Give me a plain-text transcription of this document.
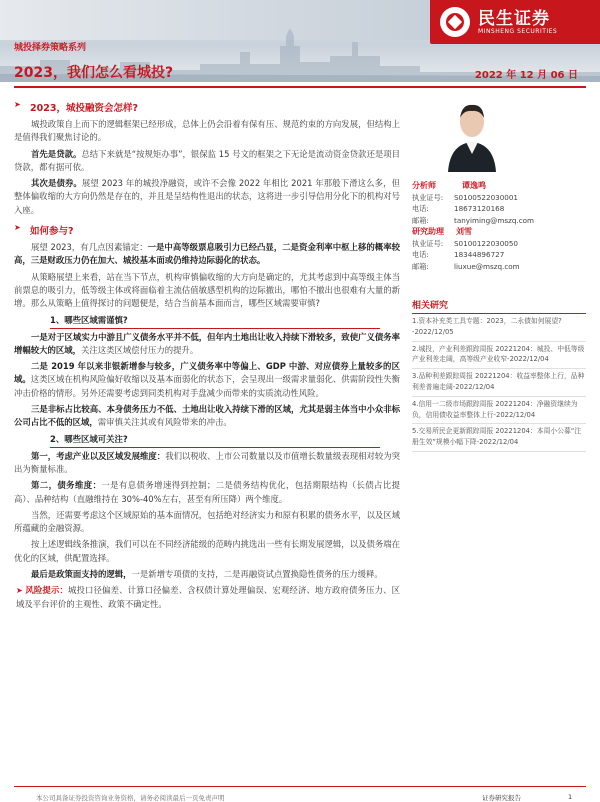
城投择券策略系列
民生证券
MINSHENG SECURITIES
2023，我们怎么看城投?	2022 年 12 月 06 日
➤ 2023，城投融资会怎样?
城投政策自上而下的逻辑框架已经形成，总体上仍会沿着有保有压、规范约束的方向发展，但结构上是值得我们聚焦讨论的。
首先是贷款。总结下来就是“按规矩办事”，银保监 15 号文的框架之下无论是流动资金贷款还是项目贷款，都有据可依。
其次是债券。展望 2023 年的城投净融资，或许不会像 2022 年相比 2021 年那般下滑这么多，但整体偏收缩的大方向仍然是存在的，并且是呈结构性退出的状态，这将进一步引导信用分化下的机构对号入座。
➤ 如何参与?
展望 2023，有几点因素锚定：一是中高等级票息吸引力已经凸显，二是资金利率中枢上移的概率较高，三是财政压力仍在加大、城投基本面或仍维持边际弱化的状态。
从策略展望上来看，站在当下节点，机构审慎偏收缩的大方向是确定的，尤其考虑到中高等级主体当前票息的吸引力，低等级主体或将面临着主流估值敏感型机构的边际撤出，哪怕不撤出也很难有大量的新增。那么从策略上值得探讨的问题便是，结合当前基本面而言，哪些区域需要审慎?
1、哪些区域需谨慎?
一是对于区域实力中游且广义债务水平并不低，但年内土地出让收入持续下滑较多，致使广义债务率增幅较大的区域，关注这类区域偿付压力的提升。
二是 2019 年以来非银新增参与较多，广义债务率中等偏上、GDP 中游、对应债券上量较多的区域。这类区域在机构风险偏好收缩以及基本面弱化的状态下，会呈现出一级需求量弱化、供需阶段性失衡冲击价格的情形。另外还需要考虑到同类机构对手盘减少而带来的实质流动性风险。
三是非标占比较高、本身债务压力不低、土地出让收入持续下滑的区域，尤其是弱主体当中小众非标公司占比不低的区域，需审慎关注其或有风险带来的冲击。
2、哪些区域可关注?
第一，考虑产业以及区域发展维度：我们以税收、上市公司数量以及市值增长数量级表现相对较为突出为衡量标准。
第二，债务维度：一是有息债务增速得到控制；二是债务结构优化，包括期限结构（长债占比提高）、品种结构（直融维持在 30%-40%左右，甚至有所压降）两个维度。
当然，还需要考虑这个区域原始的基本面情况，包括绝对经济实力和原有积累的债务水平，以及区域所蕴藏的金融资源。
按上述逻辑线条推演，我们可以在不同经济能级的范畴内挑选出一些有长期发展逻辑，以及债务端在优化的区域，供配置选择。
最后是政策面支持的逻辑，一是新增专项债的支持，二是再融资试点置换隐性债务的压力缓释。
➤ 风险提示：城投口径偏差、计算口径偏差、含权债计算处理偏误、宏观经济、地方政府债务压力、区域及平台评价的主观性、政策不确定性。
分析师	谭逸鸣
执业证号:	S0100522030001
电话:	18673120168
邮箱:	tanyiming@mszq.com
研究助理	刘雪
执业证号:	S0100122030050
电话:	18344896727
邮箱:	liuxue@mszq.com
相关研究
1.资本补充类工具专题：2023，二永债如何展望? -2022/12/05
2.城投，产业利差跟踪周报 20221204：城投、中低等级产业利差走阔，高等级产业收窄-2022/12/04
3.品种利差跟踪周报 20221204：收益率整体上行，品种利差普遍走阔-2022/12/04
4.信用一二级市场跟踪周报 20221204：净融资继续为负，信用债收益率整体上行-2022/12/04
5.交易所民企更新跟踪周报 20221204：本周小公募“注册生效”规模小幅下降-2022/12/04
本公司具备证券投资咨询业务资格，请务必阅读最后一页免责声明	证券研究报告	1
